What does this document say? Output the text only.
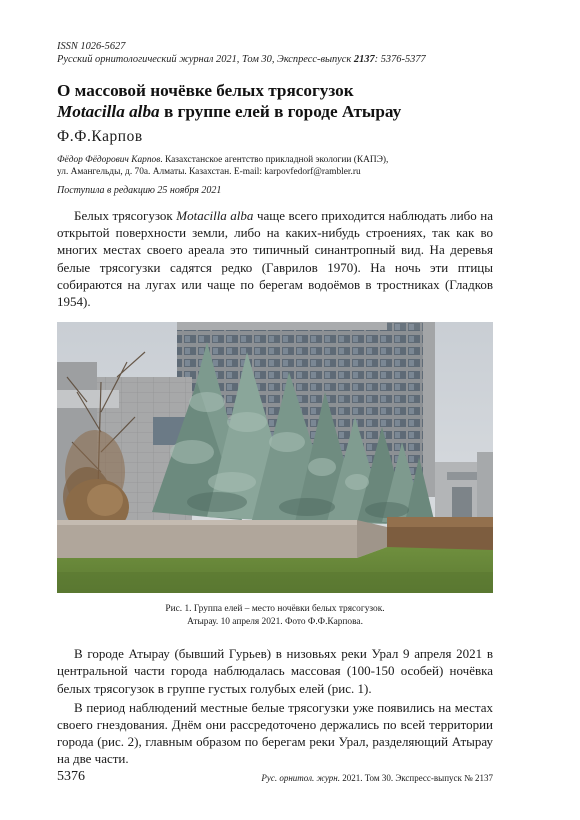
ISSN 1026-5627
Русский орнитологический журнал 2021, Том 30, Экспресс-выпуск 2137: 5376-5377
О массовой ночёвке белых трясогузок
Motacilla alba в группе елей в городе Атырау
Ф.Ф.Карпов
Фёдор Фёдорович Карпов. Казахстанское агентство прикладной экологии (КАПЭ),
ул. Амангельды, д. 70а. Алматы. Казахстан. E-mail: karpovfedorf@rambler.ru
Поступила в редакцию 25 ноября 2021

Белых трясогузок Motacilla alba чаще всего приходится наблюдать либо на открытой поверхности земли, либо на каких-нибудь строениях, так как во многих местах своего ареала это типичный синантропный вид. На деревья белые трясогузки садятся редко (Гаврилов 1970). На ночь эти птицы собираются на лугах или чаще по берегам водоёмов в тростниках (Гладков 1954).

Рис. 1. Группа елей – место ночёвки белых трясогузок.
Атырау. 10 апреля 2021. Фото Ф.Ф.Карпова.

В городе Атырау (бывший Гурьев) в низовьях реки Урал 9 апреля 2021 в центральной части города наблюдалась массовая (100-150 особей) ночёвка белых трясогузок в группе густых голубых елей (рис. 1).

В период наблюдений местные белые трясогузки уже появились на местах своего гнездования. Днём они рассредоточено держались по всей территории города (рис. 2), главным образом по берегам реки Урал, разделяющий Атырау на две части.

5376	Рус. орнитол. журн. 2021. Том 30. Экспресс-выпуск № 2137
